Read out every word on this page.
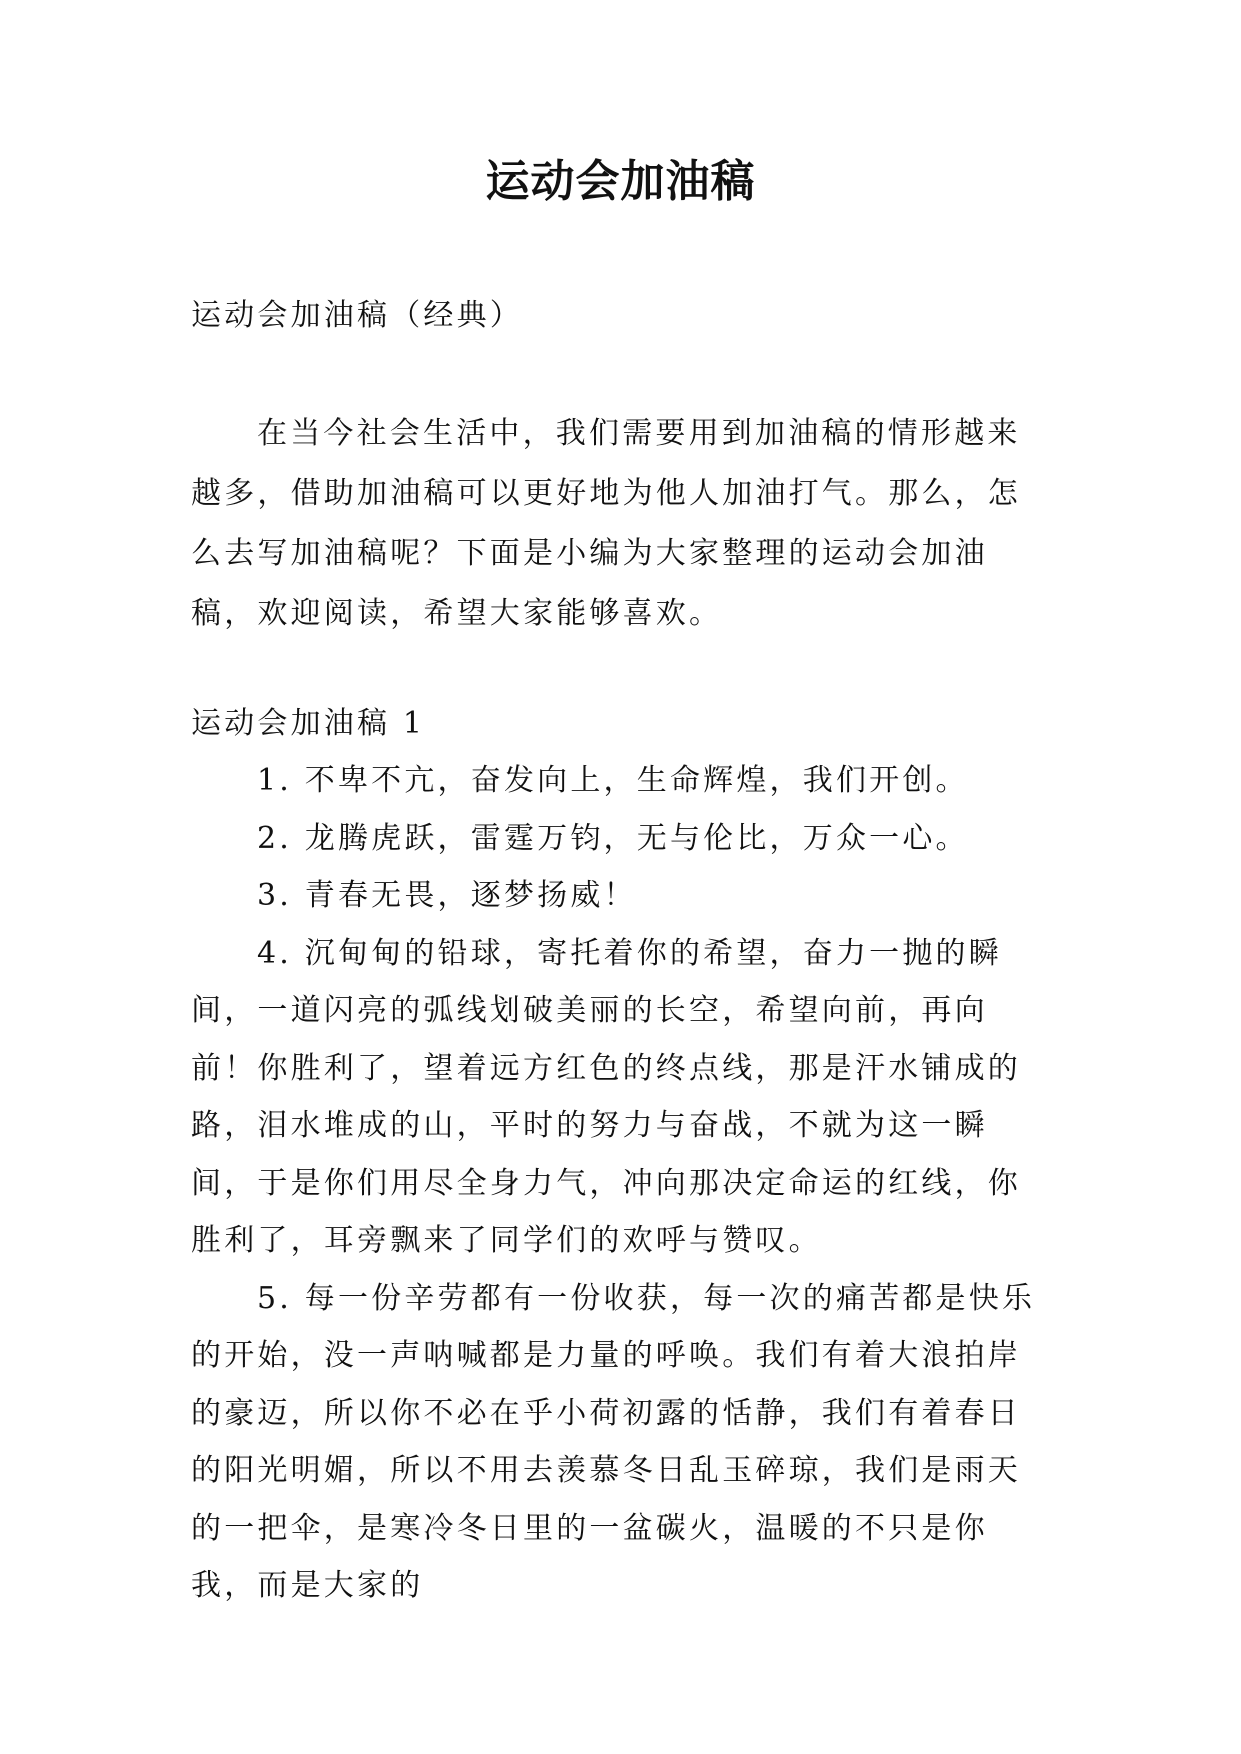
运动会加油稿

运动会加油稿（经典）

在当今社会生活中，我们需要用到加油稿的情形越来越多，借助加油稿可以更好地为他人加油打气。那么，怎么去写加油稿呢？下面是小编为大家整理的运动会加油稿，欢迎阅读，希望大家能够喜欢。

运动会加油稿 1

1. 不卑不亢，奋发向上，生命辉煌，我们开创。

2. 龙腾虎跃，雷霆万钧，无与伦比，万众一心。

3. 青春无畏，逐梦扬威！

4. 沉甸甸的铅球，寄托着你的希望，奋力一抛的瞬间，一道闪亮的弧线划破美丽的长空，希望向前，再向前！你胜利了，望着远方红色的终点线，那是汗水铺成的路，泪水堆成的山，平时的努力与奋战，不就为这一瞬间，于是你们用尽全身力气，冲向那决定命运的红线，你胜利了，耳旁飘来了同学们的欢呼与赞叹。

5. 每一份辛劳都有一份收获，每一次的痛苦都是快乐的开始，没一声呐喊都是力量的呼唤。我们有着大浪拍岸的豪迈，所以你不必在乎小荷初露的恬静，我们有着春日的阳光明媚，所以不用去羡慕冬日乱玉碎琼，我们是雨天的一把伞，是寒冷冬日里的一盆碳火，温暖的不只是你我，而是大家的
